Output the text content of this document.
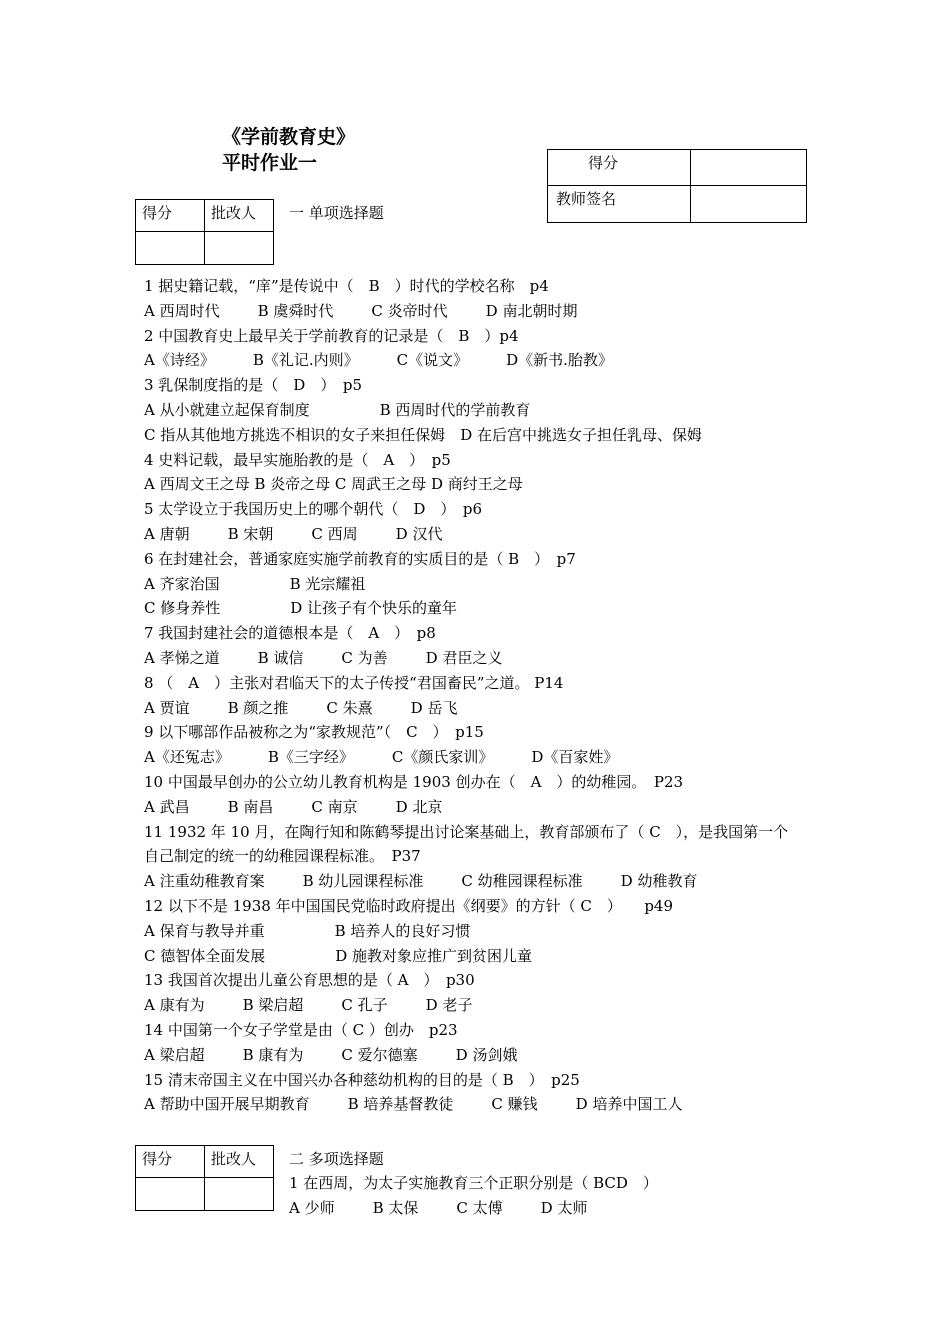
《学前教育史》
平时作业一	得分	
教师签名	
得分	批改人
	一 单项选择题
1 据史籍记载，“庠”是传说中（　B　）时代的学校名称　p4
A 西周时代	B 虞舜时代	C 炎帝时代	D 南北朝时期
2 中国教育史上最早关于学前教育的记录是（　B　）p4
A《诗经》	B《礼记.内则》	C《说文》	D《新书.胎教》
3 乳保制度指的是（　D　）　p5
A 从小就建立起保育制度	B 西周时代的学前教育
C 指从其他地方挑选不相识的女子来担任保姆　D 在后宫中挑选女子担任乳母、保姆
4 史料记载，最早实施胎教的是（　A　）　p5
A 西周文王之母 B 炎帝之母 C 周武王之母 D 商纣王之母
5 太学设立于我国历史上的哪个朝代（　D　）　p6
A 唐朝	B 宋朝	C 西周	D 汉代
6 在封建社会，普通家庭实施学前教育的实质目的是（ B　）　p7
A 齐家治国	B 光宗耀祖
C 修身养性	D 让孩子有个快乐的童年
7 我国封建社会的道德根本是（　A　）　p8
A 孝悌之道	B 诚信	C 为善	D 君臣之义
8 （　A　）主张对君临天下的太子传授“君国畜民”之道。 P14
A 贾谊	B 颜之推	C 朱熹	D 岳飞
9 以下哪部作品被称之为“家教规范”（　C　）　p15
A《还冤志》	B《三字经》	C《颜氏家训》	D《百家姓》
10 中国最早创办的公立幼儿教育机构是 1903 创办在（　A　）的幼稚园。　P23
A 武昌	B 南昌	C 南京	D 北京
11 1932 年 10 月，在陶行知和陈鹤琴提出讨论案基础上，教育部颁布了（ C　），是我国第一个
自己制定的统一的幼稚园课程标准。　P37
A 注重幼稚教育案	B 幼儿园课程标准	C 幼稚园课程标准	D 幼稚教育
12 以下不是 1938 年中国国民党临时政府提出《纲要》的方针（ C　）　　p49
A 保育与教导并重	B 培养人的良好习惯
C 德智体全面发展	D 施教对象应推广到贫困儿童
13 我国首次提出儿童公育思想的是（ A　）　p30
A 康有为	B 梁启超	C 孔子	D 老子
14 中国第一个女子学堂是由（ C ）创办　p23
A 梁启超	B 康有为	C 爱尔德塞	D 汤剑娥
15 清末帝国主义在中国兴办各种慈幼机构的目的是（ B　）　p25
A 帮助中国开展早期教育	B 培养基督教徒	C 赚钱	D 培养中国工人
得分	批改人
	二 多项选择题
1 在西周，为太子实施教育三个正职分别是（ BCD　）
A 少师	B 太保	C 太傅	D 太师
